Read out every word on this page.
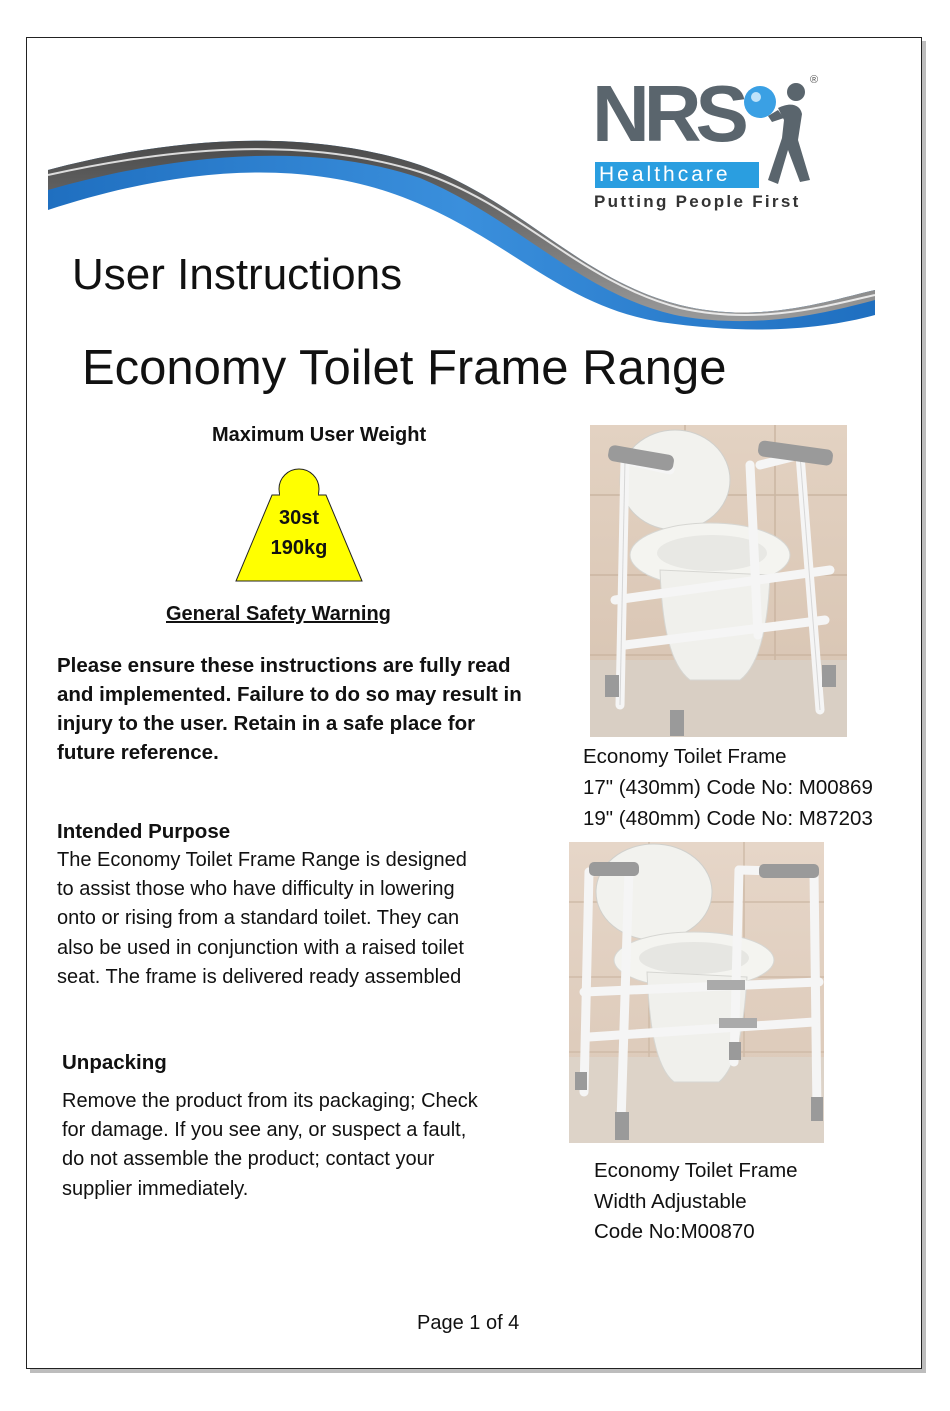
NRS
Healthcare
Putting People First
®
User Instructions
Economy Toilet Frame Range
Maximum User Weight
30st
190kg
General Safety Warning
Please ensure these instructions are fully read and implemented. Failure to do so may result in injury to the user. Retain in a safe place for future reference.
Intended Purpose
The Economy Toilet Frame Range is designed to assist those who have difficulty in lowering onto or rising from a standard toilet. They can also be used in conjunction with a raised toilet seat. The frame is delivered ready assembled
Unpacking
Remove the product from its packaging; Check for damage. If you see any, or suspect a fault, do not assemble the product; contact your supplier immediately.
Economy Toilet Frame
17" (430mm) Code No: M00869
19" (480mm) Code No: M87203
Economy Toilet Frame
Width Adjustable
Code No:M00870
Page 1 of 4
